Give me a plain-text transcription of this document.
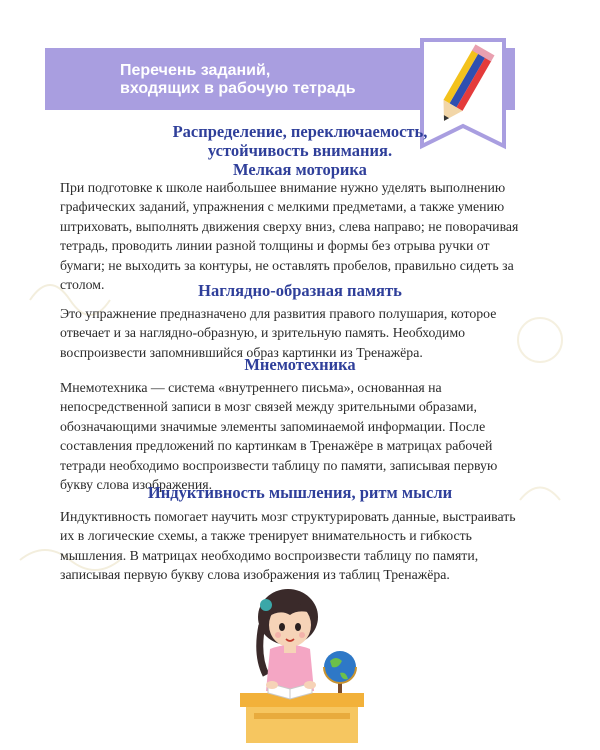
Перечень заданий,
входящих в рабочую тетрадь
Распределение, переключаемость,
устойчивость внимания.
Мелкая моторика
При подготовке к школе наибольшее внимание нужно уделять выполнению
графических заданий, упражнения с мелкими предметами, а также умению
штриховать, выполнять движения сверху вниз, слева направо; не поворачивая
тетрадь, проводить линии разной толщины и формы без отрыва ручки от
бумаги; не выходить за контуры, не оставлять пробелов, правильно сидеть за
столом.	Наглядно-образная память
Это упражнение предназначено для развития правого полушария, которое
отвечает и за наглядно-образную, и зрительную память. Необходимо
воспроизвести запомнившийся образ картинки из Тренажёра.
Мнемотехника
Мнемотехника — система «внутреннего письма», основанная на
непосредственной записи в мозг связей между зрительными образами,
обозначающими значимые элементы запоминаемой информации. После
составления предложений по картинкам в Тренажёре в матрицах рабочей
тетради необходимо воспроизвести таблицу по памяти, записывая первую
букву слова изображения.
Индуктивность мышления, ритм мысли
Индуктивность помогает научить мозг структурировать данные, выстраивать
их в логические схемы, а также тренирует внимательность и гибкость
мышления. В матрицах необходимо воспроизвести таблицу по памяти,
записывая первую букву слова изображения из таблиц Тренажёра.
